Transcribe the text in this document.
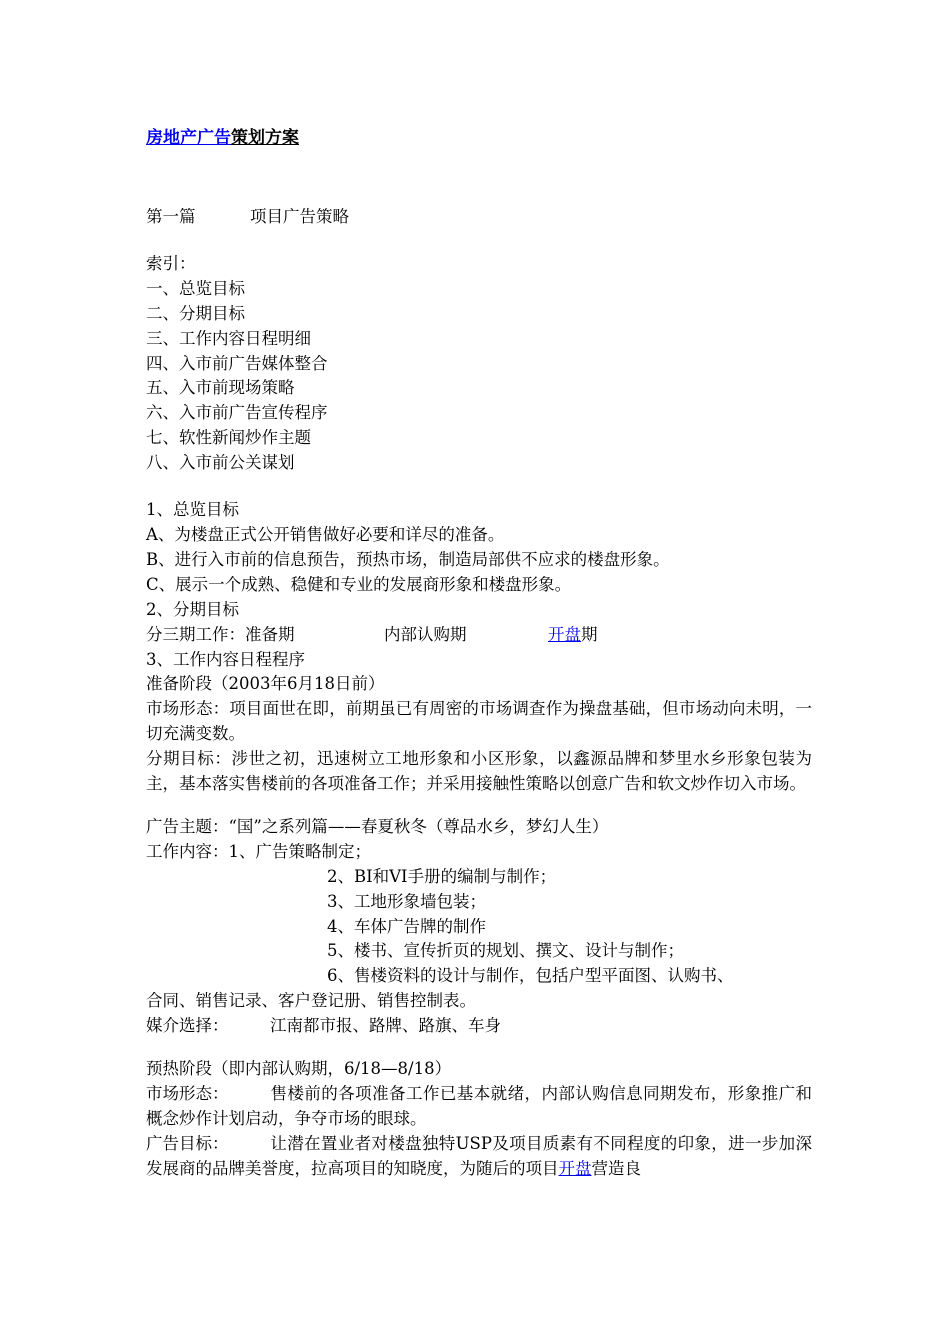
房地产广告策划方案
第一篇	项目广告策略
索引：
一、总览目标
二、分期目标
三、工作内容日程明细
四、入市前广告媒体整合
五、入市前现场策略
六、入市前广告宣传程序
七、软性新闻炒作主题
八、入市前公关谋划
1、总览目标
A、为楼盘正式公开销售做好必要和详尽的准备。
B、进行入市前的信息预告，预热市场，制造局部供不应求的楼盘形象。
C、展示一个成熟、稳健和专业的发展商形象和楼盘形象。
2、分期目标
分三期工作：准备期	内部认购期	开盘期
3、工作内容日程程序
准备阶段（2003年6月18日前）
市场形态：项目面世在即，前期虽已有周密的市场调查作为操盘基础，但市场动向未明，一切充满变数。
分期目标：涉世之初，迅速树立工地形象和小区形象，以鑫源品牌和梦里水乡形象包装为主，基本落实售楼前的各项准备工作；并采用接触性策略以创意广告和软文炒作切入市场。
广告主题：“国”之系列篇——春夏秋冬（尊品水乡，梦幻人生）
工作内容：1、广告策略制定；
2、BI和VI手册的编制与制作；
3、工地形象墙包装；
4、车体广告牌的制作
5、楼书、宣传折页的规划、撰文、设计与制作；
6、售楼资料的设计与制作，包括户型平面图、认购书、
合同、销售记录、客户登记册、销售控制表。
媒介选择：	江南都市报、路牌、路旗、车身
预热阶段（即内部认购期，6/18—8/18）
市场形态：	售楼前的各项准备工作已基本就绪，内部认购信息同期发布，形象推广和概念炒作计划启动，争夺市场的眼球。
广告目标：	让潜在置业者对楼盘独特USP及项目质素有不同程度的印象，进一步加深发展商的品牌美誉度，拉高项目的知晓度，为随后的项目开盘营造良
